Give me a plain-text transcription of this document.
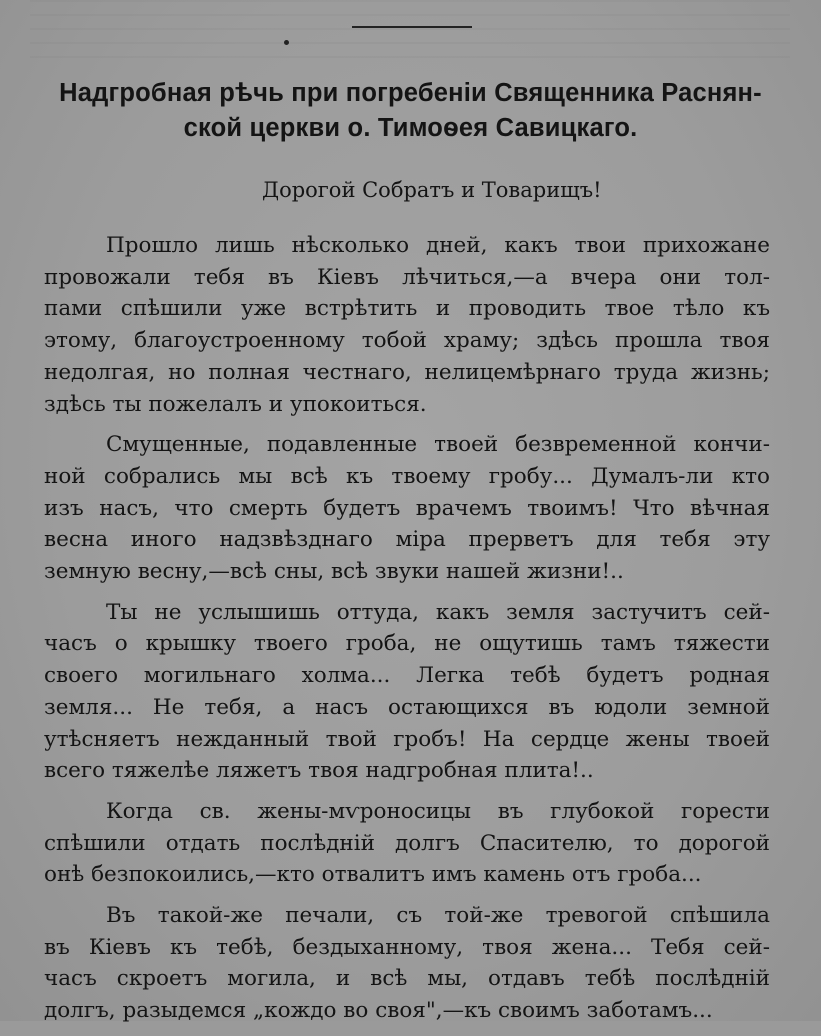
Надгробная рѣчь при погребеніи Священника Раснян-
ской церкви о. Тимоѳея Савицкаго.

Дорогой Собратъ и Товарищъ!

Прошло лишь нѣсколько дней, какъ твои прихожане
провожали тебя въ Кіевъ лѣчиться,—а вчера они тол-
пами спѣшили уже встрѣтить и проводить твое тѣло къ
этому, благоустроенному тобой храму; здѣсь прошла твоя
недолгая, но полная честнаго, нелицемѣрнаго труда жизнь;
здѣсь ты пожелалъ и упокоиться.
Смущенные, подавленные твоей безвременной кончи-
ной собрались мы всѣ къ твоему гробу... Думалъ-ли кто
изъ насъ, что смерть будетъ врачемъ твоимъ! Что вѣчная
весна иного надзвѣзднаго міра прерветъ для тебя эту
земную весну,—всѣ сны, всѣ звуки нашей жизни!..
Ты не услышишь оттуда, какъ земля застучитъ сей-
часъ о крышку твоего гроба, не ощутишь тамъ тяжести
своего могильнаго холма... Легка тебѣ будетъ родная
земля... Не тебя, а насъ остающихся въ юдоли земной
утѣсняетъ нежданный твой гробъ! На сердце жены твоей
всего тяжелѣе ляжетъ твоя надгробная плита!..
Когда св. жены-мѵроносицы въ глубокой горести
спѣшили отдать послѣдній долгъ Спасителю, то дорогой
онѣ безпокоились,—кто отвалитъ имъ камень отъ гроба...
Въ такой-же печали, съ той-же тревогой спѣшила
въ Кіевъ къ тебѣ, бездыханному, твоя жена... Тебя сей-
часъ скроетъ могила, и всѣ мы, отдавъ тебѣ послѣдній
долгъ, разыдемся „кождо во своя",—къ своимъ заботамъ...
